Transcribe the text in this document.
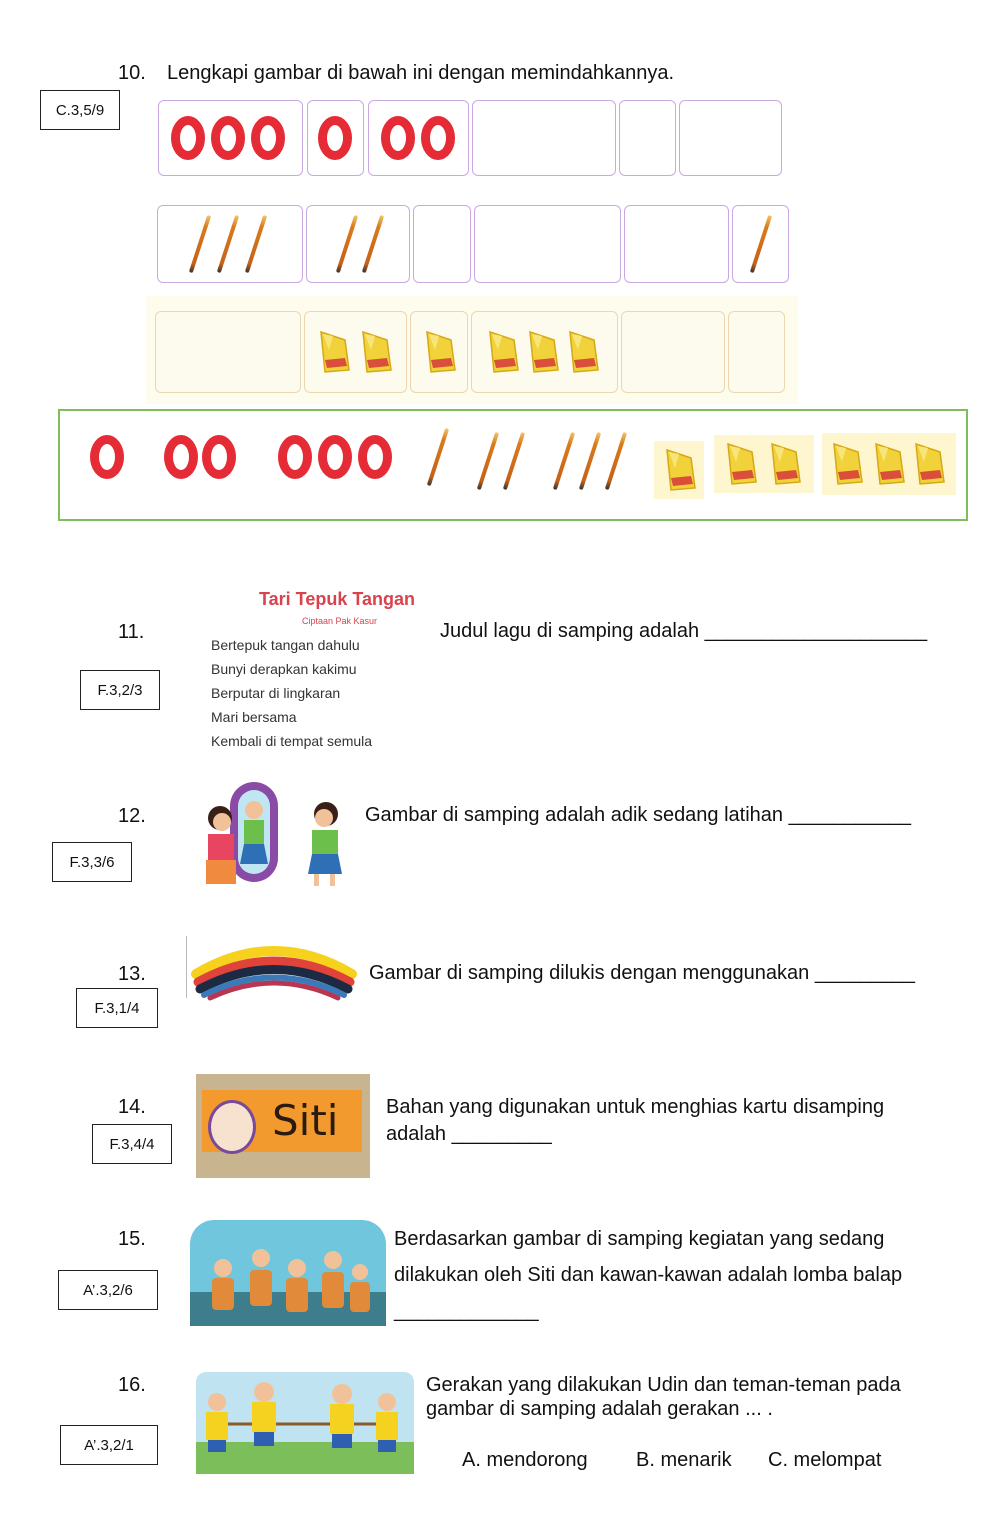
10. Lengkapi gambar di bawah ini dengan memindahkannya.
C.3,5/9
11.
F.3,2/3
Tari Tepuk Tangan
Ciptaan Pak Kasur
Bertepuk tangan dahulu
Bunyi derapkan kakimu
Berputar di lingkaran
Mari bersama
Kembali di tempat semula
Judul lagu di samping adalah ____________________
12.
F.3,3/6
Gambar di samping adalah adik sedang latihan ___________
13.
F.3,1/4
Gambar di samping dilukis dengan menggunakan _________
14.
F.3,4/4	Siti Bahan yang digunakan untuk menghias kartu disamping
adalah _________
15.
A’.3,2/6
Berdasarkan gambar di samping kegiatan yang sedang
dilakukan oleh Siti dan kawan-kawan adalah lomba balap
_____________
16.
A’.3,2/1
Gerakan yang dilakukan Udin dan teman-teman pada
gambar di samping adalah gerakan ... .
A. mendorong B. menarik C. melompat
